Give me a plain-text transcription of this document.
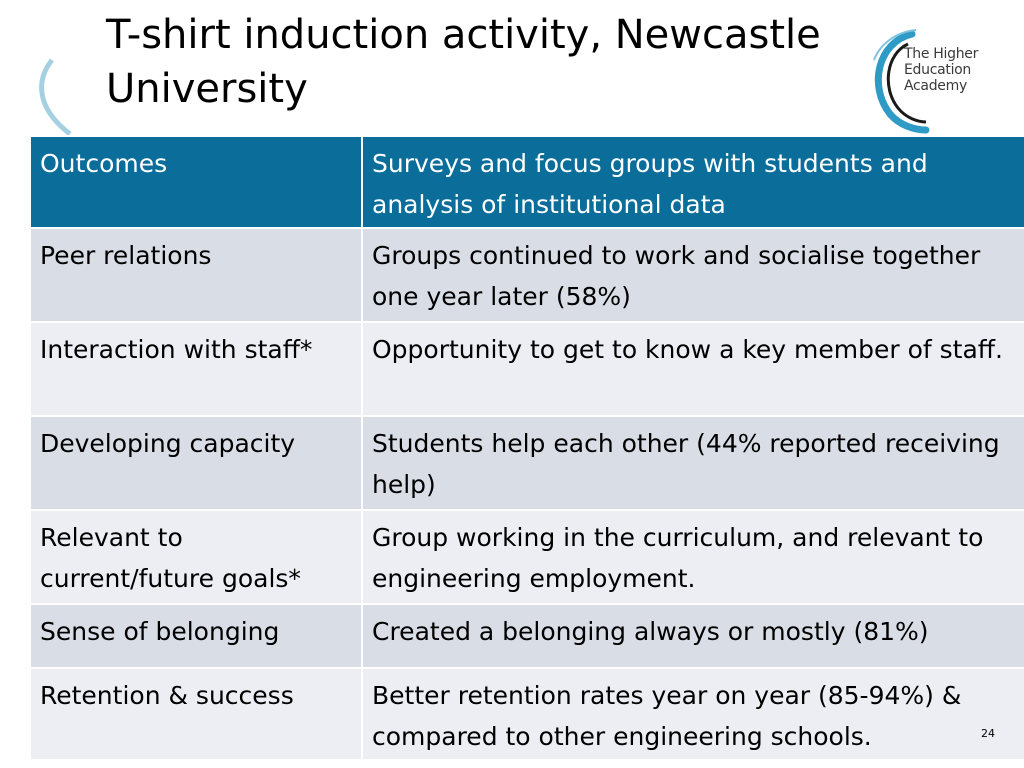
T-shirt induction activity, Newcastle
University
The Higher
Education
Academy
Outcomes	Surveys and focus groups with students and analysis of institutional data
Peer relations	Groups continued to work and socialise together one year later (58%)
Interaction with staff*	Opportunity to get to know a key member of staff.
Developing capacity	Students help each other (44% reported receiving help)
Relevant to current/future goals*	Group working in the curriculum, and relevant to engineering employment.
Sense of belonging	Created a belonging always or mostly (81%)
Retention & success	Better retention rates year on year (85-94%) & compared to other engineering schools.	24
